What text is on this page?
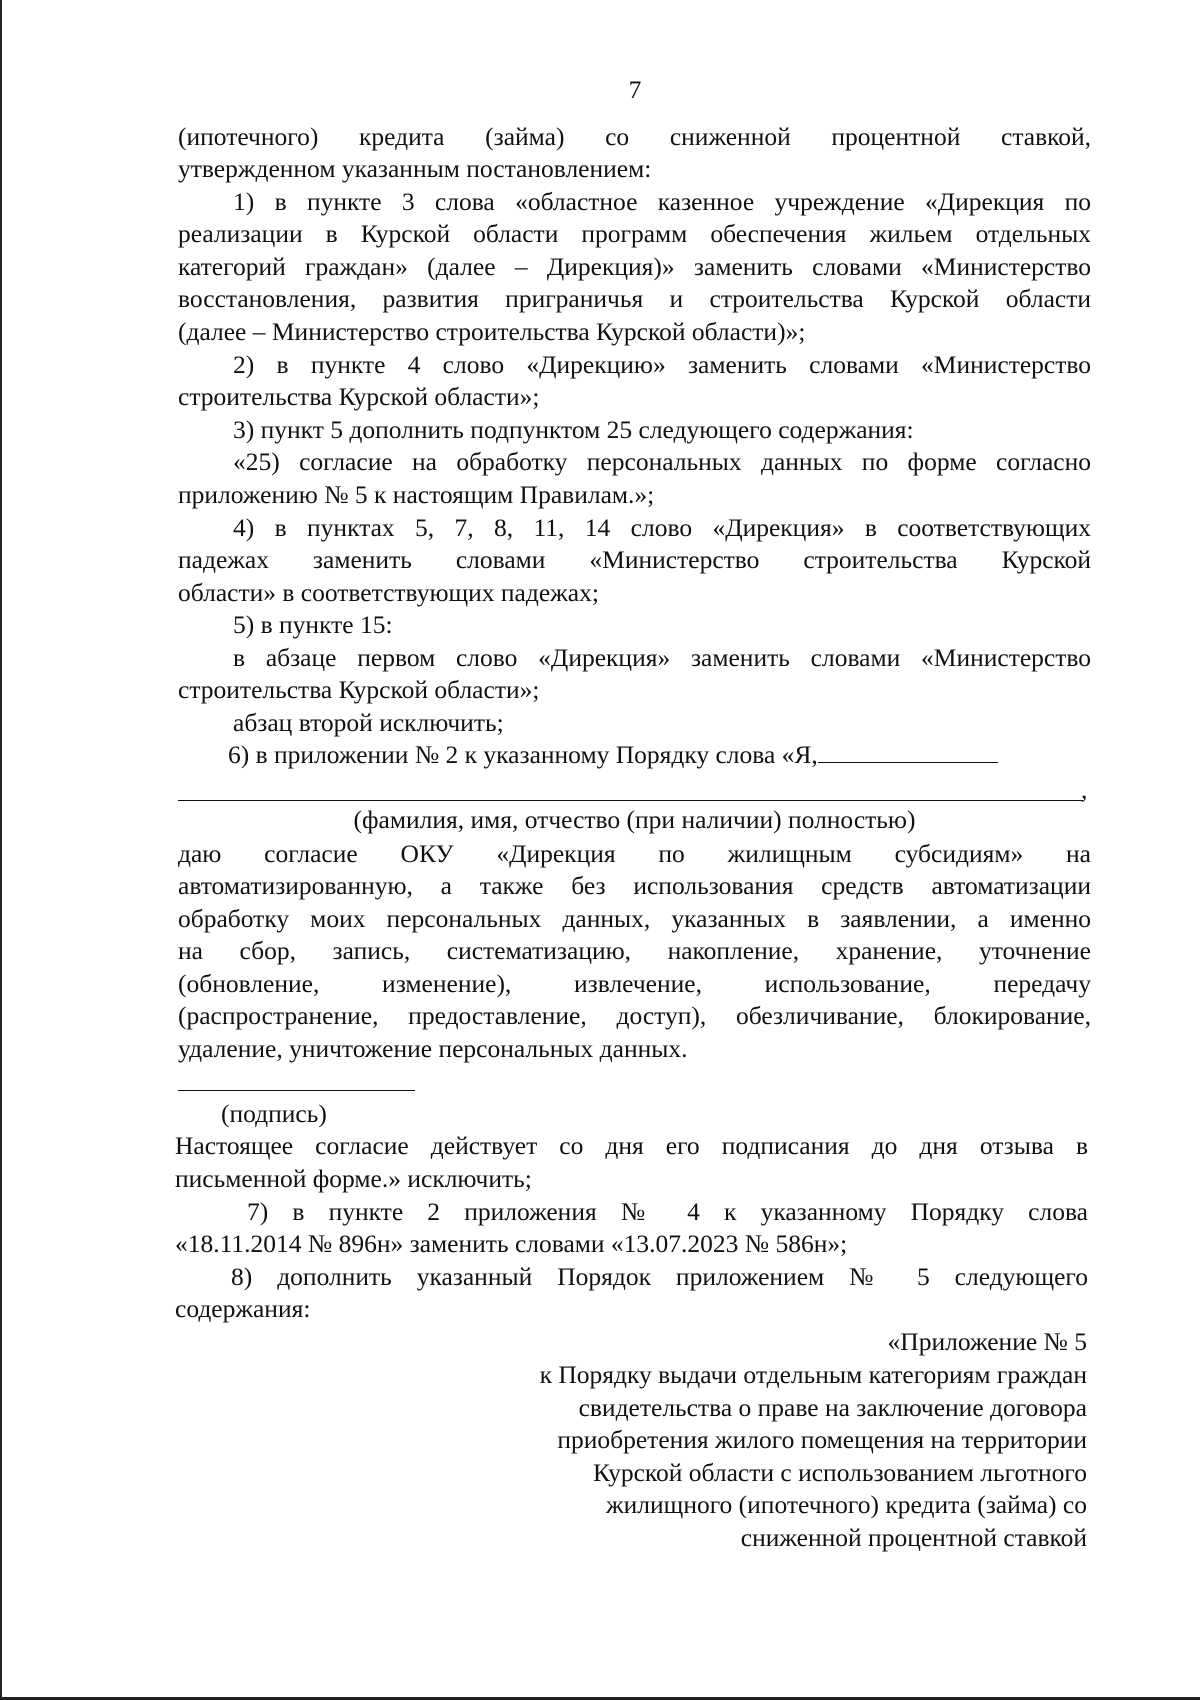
7
(ипотечного) кредита (займа) со сниженной процентной ставкой,
утвержденном указанным постановлением:
1) в пункте 3 слова «областное казенное учреждение «Дирекция по
реализации в Курской области программ обеспечения жильем отдельных
категорий граждан» (далее – Дирекция)» заменить словами «Министерство
восстановления, развития приграничья и строительства Курской области
(далее – Министерство строительства Курской области)»;
2) в пункте 4 слово «Дирекцию» заменить словами «Министерство
строительства Курской области»;
3) пункт 5 дополнить подпунктом 25 следующего содержания:
«25) согласие на обработку персональных данных по форме согласно
приложению № 5 к настоящим Правилам.»;
4) в пунктах 5, 7, 8, 11, 14 слово «Дирекция» в соответствующих
падежах заменить словами «Министерство строительства Курской
области» в соответствующих падежах;
5) в пункте 15:
в абзаце первом слово «Дирекция» заменить словами «Министерство
строительства Курской области»;
абзац второй исключить;
6) в приложении № 2 к указанному Порядку слова «Я,
,
(фамилия, имя, отчество (при наличии) полностью)
даю согласие ОКУ «Дирекция по жилищным субсидиям» на
автоматизированную, а также без использования средств автоматизации
обработку моих персональных данных, указанных в заявлении, а именно
на сбор, запись, систематизацию, накопление, хранение, уточнение
(обновление, изменение), извлечение, использование, передачу
(распространение, предоставление, доступ), обезличивание, блокирование,
удаление, уничтожение персональных данных.
(подпись)
Настоящее согласие действует со дня его подписания до дня отзыва в
письменной форме.» исключить;
7) в пункте 2 приложения № 4 к указанному Порядку слова
«18.11.2014 № 896н» заменить словами «13.07.2023 № 586н»;
8) дополнить указанный Порядок приложением № 5 следующего
содержания:
«Приложение № 5
к Порядку выдачи отдельным категориям граждан
свидетельства о праве на заключение договора
приобретения жилого помещения на территории
Курской области с использованием льготного
жилищного (ипотечного) кредита (займа) со
сниженной процентной ставкой
